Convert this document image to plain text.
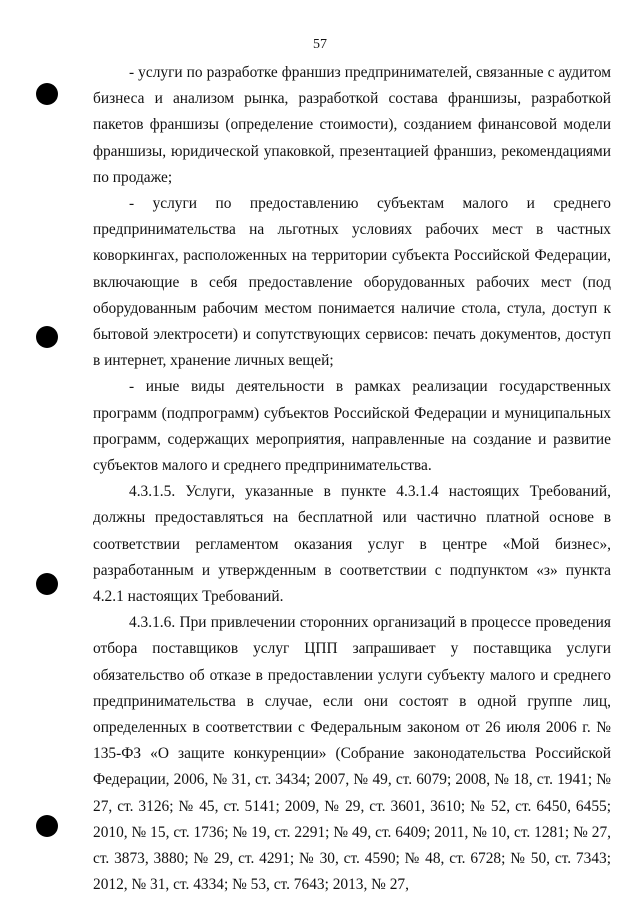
57

- услуги по разработке франшиз предпринимателей, связанные с аудитом бизнеса и анализом рынка, разработкой состава франшизы, разработкой пакетов франшизы (определение стоимости), созданием финансовой модели франшизы, юридической упаковкой, презентацией франшиз, рекомендациями по продаже;

- услуги по предоставлению субъектам малого и среднего предпринимательства на льготных условиях рабочих мест в частных коворкингах, расположенных на территории субъекта Российской Федерации, включающие в себя предоставление оборудованных рабочих мест (под оборудованным рабочим местом понимается наличие стола, стула, доступ к бытовой электросети) и сопутствующих сервисов: печать документов, доступ в интернет, хранение личных вещей;

- иные виды деятельности в рамках реализации государственных программ (подпрограмм) субъектов Российской Федерации и муниципальных программ, содержащих мероприятия, направленные на создание и развитие субъектов малого и среднего предпринимательства.

4.3.1.5. Услуги, указанные в пункте 4.3.1.4 настоящих Требований, должны предоставляться на бесплатной или частично платной основе в соответствии регламентом оказания услуг в центре «Мой бизнес», разработанным и утвержденным в соответствии с подпунктом «з» пункта 4.2.1 настоящих Требований.

4.3.1.6. При привлечении сторонних организаций в процессе проведения отбора поставщиков услуг ЦПП запрашивает у поставщика услуги обязательство об отказе в предоставлении услуги субъекту малого и среднего предпринимательства в случае, если они состоят в одной группе лиц, определенных в соответствии с Федеральным законом от 26 июля 2006 г. № 135-ФЗ «О защите конкуренции» (Собрание законодательства Российской Федерации, 2006, № 31, ст. 3434; 2007, № 49, ст. 6079; 2008, № 18, ст. 1941; № 27, ст. 3126; № 45, ст. 5141; 2009, № 29, ст. 3601, 3610; № 52, ст. 6450, 6455; 2010, № 15, ст. 1736; № 19, ст. 2291; № 49, ст. 6409; 2011, № 10, ст. 1281; № 27, ст. 3873, 3880; № 29, ст. 4291; № 30, ст. 4590; № 48, ст. 6728; № 50, ст. 7343; 2012, № 31, ст. 4334; № 53, ст. 7643; 2013, № 27,
